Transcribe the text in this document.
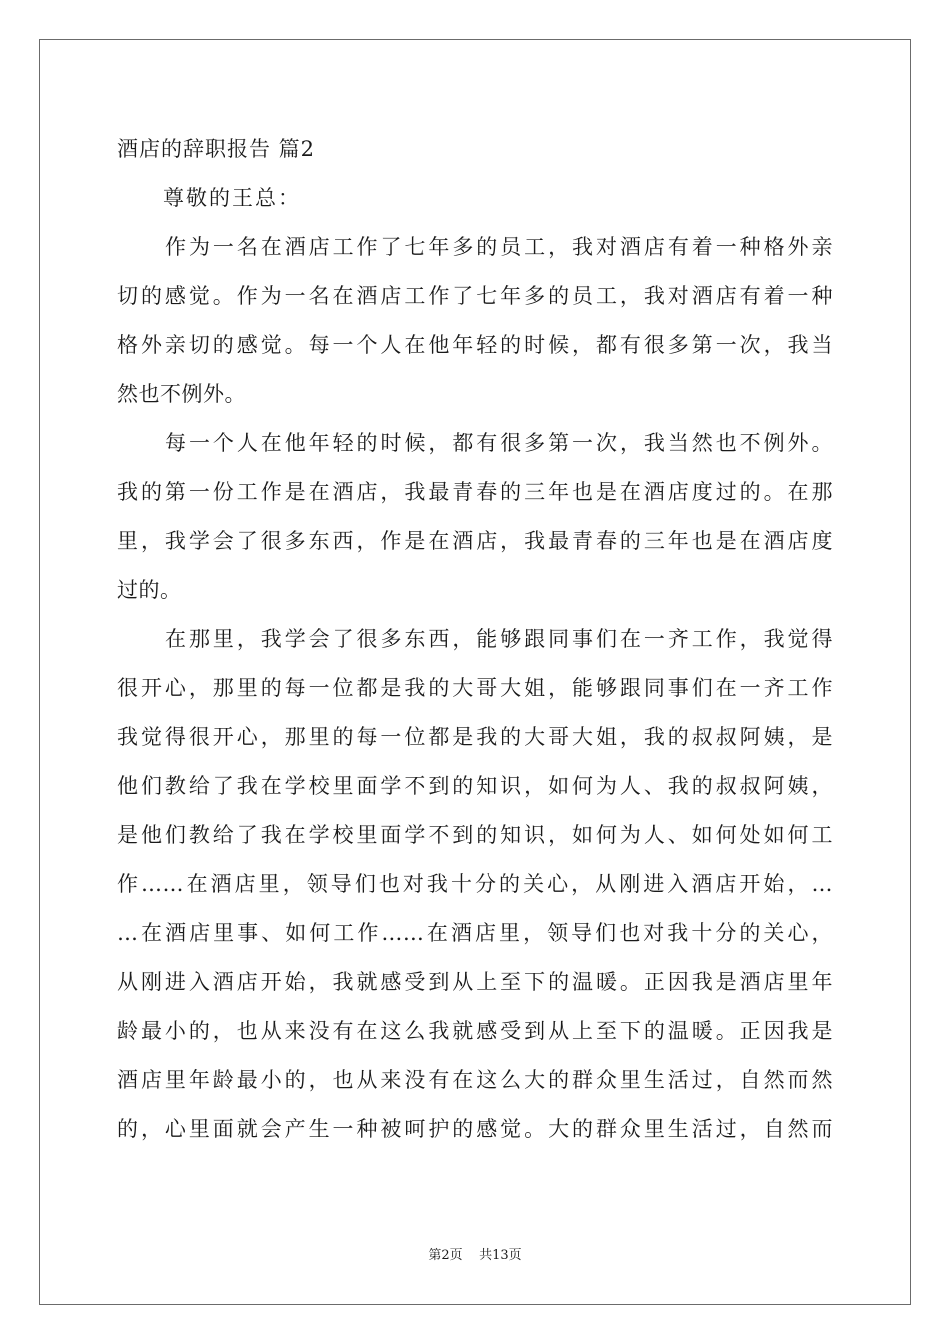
酒店的辞职报告 篇2
尊敬的王总：
作为一名在酒店工作了七年多的员工，我对酒店有着一种格外亲
切的感觉。作为一名在酒店工作了七年多的员工，我对酒店有着一种
格外亲切的感觉。每一个人在他年轻的时候，都有很多第一次，我当
然也不例外。
每一个人在他年轻的时候，都有很多第一次，我当然也不例外。
我的第一份工作是在酒店，我最青春的三年也是在酒店度过的。在那
里，我学会了很多东西，作是在酒店，我最青春的三年也是在酒店度
过的。
在那里，我学会了很多东西，能够跟同事们在一齐工作，我觉得
很开心，那里的每一位都是我的大哥大姐，能够跟同事们在一齐工作
我觉得很开心，那里的每一位都是我的大哥大姐，我的叔叔阿姨，是
他们教给了我在学校里面学不到的知识，如何为人、我的叔叔阿姨，
是他们教给了我在学校里面学不到的知识，如何为人、如何处如何工
作……在酒店里，领导们也对我十分的关心，从刚进入酒店开始，…
…在酒店里事、如何工作……在酒店里，领导们也对我十分的关心，
从刚进入酒店开始，我就感受到从上至下的温暖。正因我是酒店里年
龄最小的，也从来没有在这么我就感受到从上至下的温暖。正因我是
酒店里年龄最小的，也从来没有在这么大的群众里生活过，自然而然
的，心里面就会产生一种被呵护的感觉。大的群众里生活过，自然而
第2页    共13页
